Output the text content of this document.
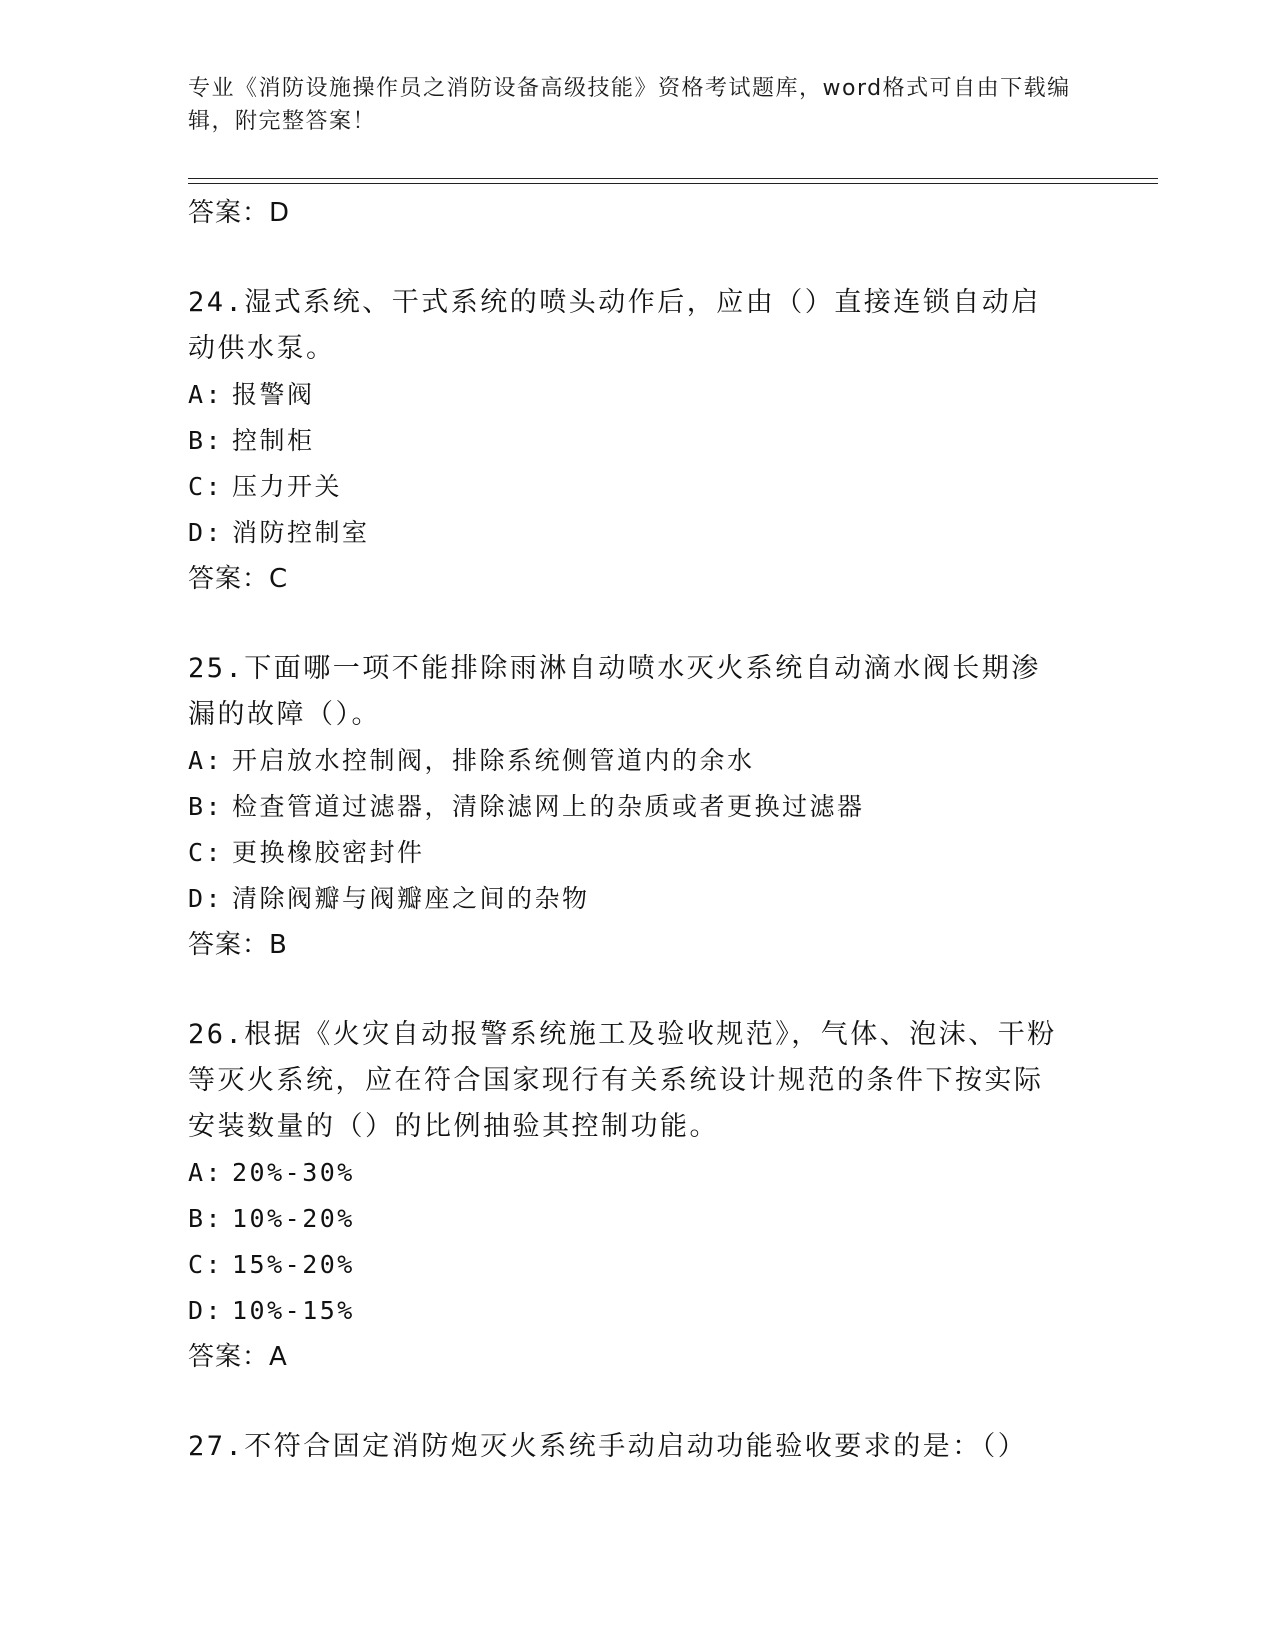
专业《消防设施操作员之消防设备高级技能》资格考试题库，word格式可自由下载编辑，附完整答案！
答案：D
24.湿式系统、干式系统的喷头动作后，应由（）直接连锁自动启动供水泵。
A: 报警阀
B: 控制柜
C: 压力开关
D: 消防控制室
答案：C
25.下面哪一项不能排除雨淋自动喷水灭火系统自动滴水阀长期渗漏的故障（）。
A: 开启放水控制阀，排除系统侧管道内的余水
B: 检査管道过滤器，清除滤网上的杂质或者更换过滤器
C: 更换橡胶密封件
D: 清除阀瓣与阀瓣座之间的杂物
答案：B
26.根据《火灾自动报警系统施工及验收规范》，气体、泡沫、干粉等灭火系统，应在符合国家现行有关系统设计规范的条件下按实际安装数量的（）的比例抽验其控制功能。
A: 20%-30%
B: 10%-20%
C: 15%-20%
D: 10%-15%
答案：A
27.不符合固定消防炮灭火系统手动启动功能验收要求的是：（）
